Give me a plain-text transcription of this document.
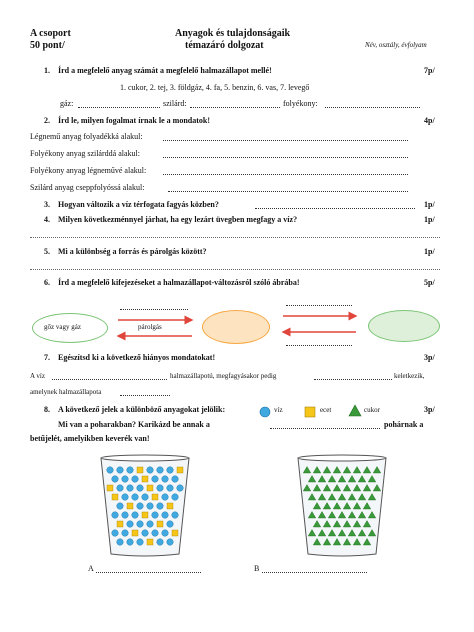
A csoport
50 pont/
Anyagok és tulajdonságaik
témazáró dolgozat	Név, osztály, évfolyam
1. Írd a megfelelő anyag számát a megfelelő halmazállapot mellé!	7p/
1. cukor, 2. tej, 3. földgáz, 4. fa, 5. benzin, 6. vas, 7. levegő
gáz:	szilárd:	folyékony:
2. Írd le, milyen fogalmat írnak le a mondatok!	4p/
Légnemű anyag folyadékká alakul:
Folyékony anyag szilárddá alakul:
Folyékony anyag légneművé alakul:
Szilárd anyag cseppfolyóssá alakul:
3. Hogyan változik a víz térfogata fagyás közben?	1p/
4. Milyen következménnyel járhat, ha egy lezárt üvegben megfagy a víz?	1p/
5. Mi a különbség a forrás és párolgás között?	1p/
6. Írd a megfelelő kifejezéseket a halmazállapot-változásról szóló ábrába!	5p/
gőz vagy gáz	párolgás
7. Egészítsd ki a következő hiányos mondatokat!	3p/
A víz	halmazállapotú, megfagyásakor pedig	keletkezik,
amelynek halmazállapota
8. A következő jelek a különböző anyagokat jelölik:	3p/
víz	ecet	cukor
Mi van a poharakban? Karikázd be annak a	pohárnak a
betűjelét, amelyikben keverék van!
A	B
